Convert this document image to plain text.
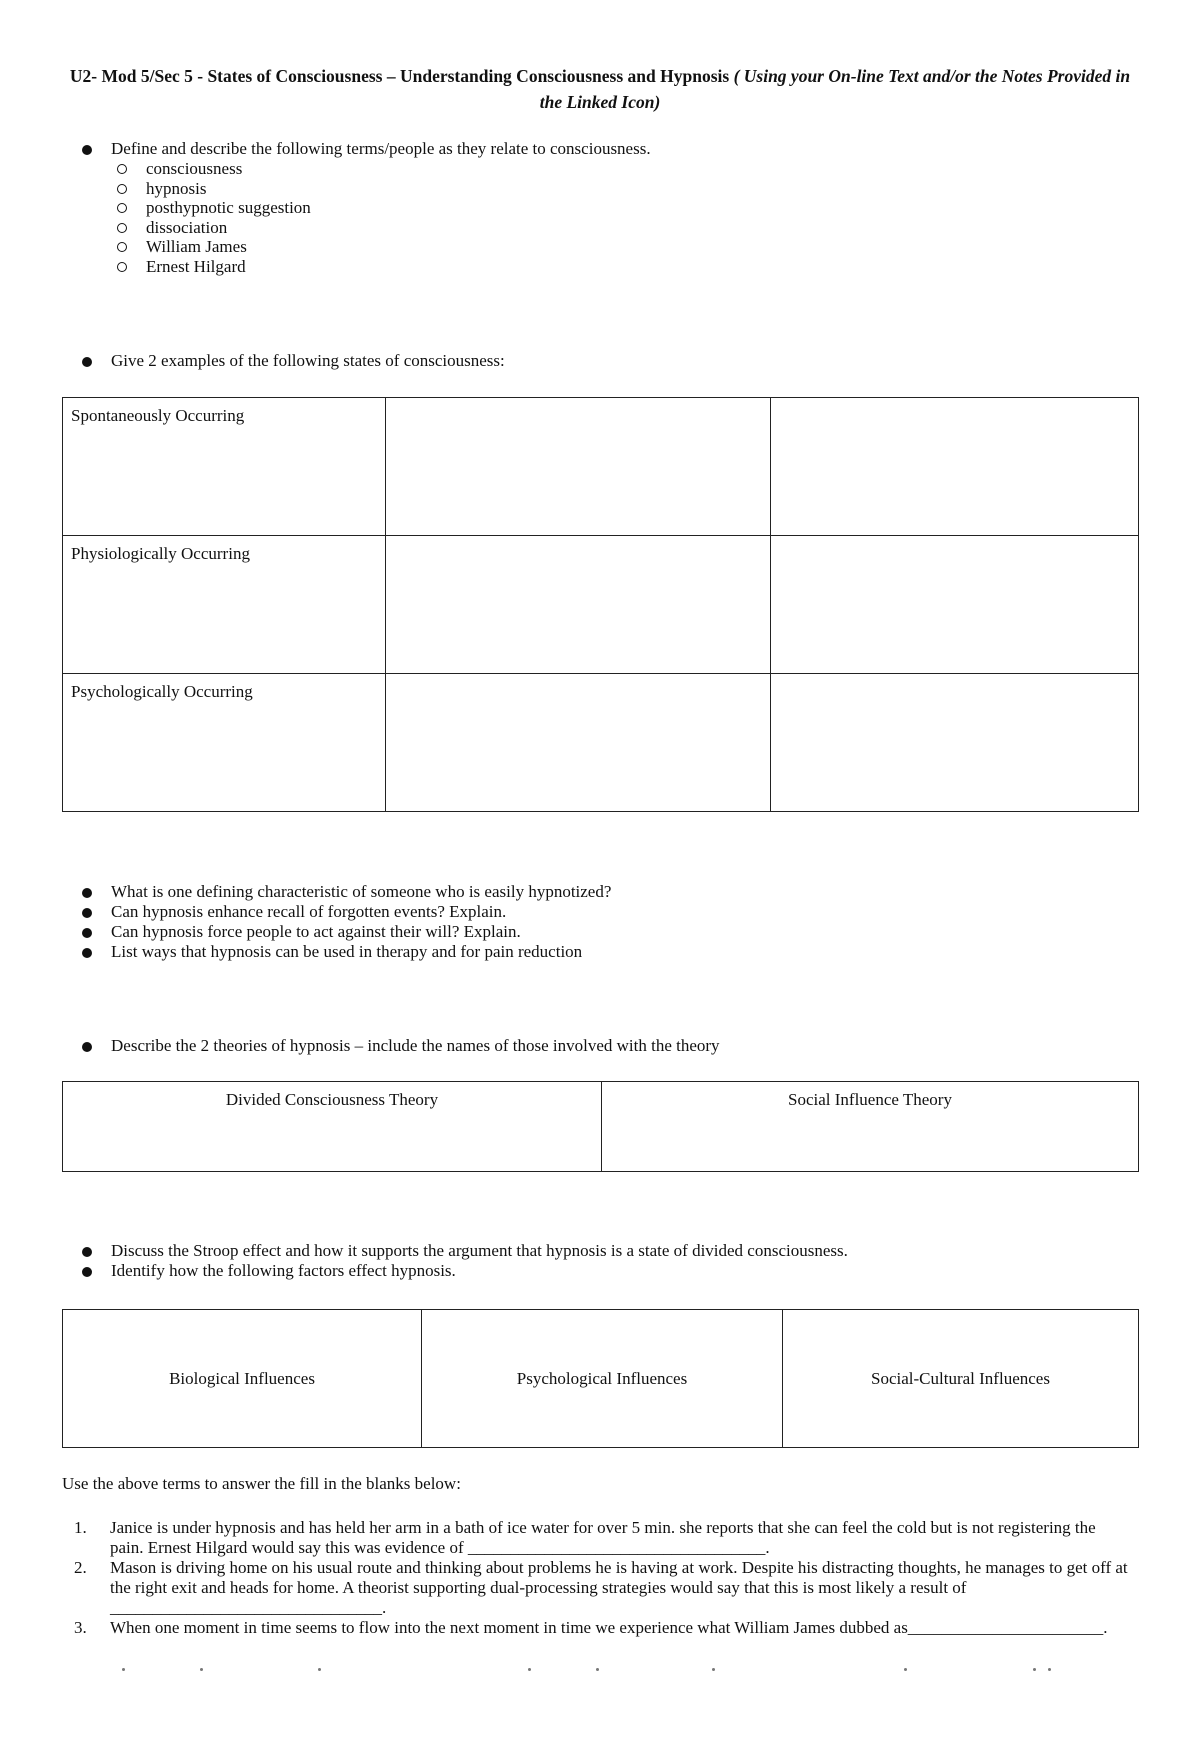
U2- Mod 5/Sec 5 - States of Consciousness – Understanding Consciousness and Hypnosis ( Using your On-line Text and/or the Notes Provided in the Linked Icon)
Define and describe the following terms/people as they relate to consciousness.
consciousness
hypnosis
posthypnotic suggestion
dissociation
William James
Ernest Hilgard
Give 2 examples of the following states of consciousness:
Spontaneously Occurring		
Physiologically Occurring		
Psychologically Occurring		
What is one defining characteristic of someone who is easily hypnotized?
Can hypnosis enhance recall of forgotten events? Explain.
Can hypnosis force people to act against their will? Explain.
List ways that hypnosis can be used in therapy and for pain reduction
Describe the 2 theories of hypnosis – include the names of those involved with the theory
Divided Consciousness Theory	Social Influence Theory
Discuss the Stroop effect and how it supports the argument that hypnosis is a state of divided consciousness.
Identify how the following factors effect hypnosis.
Biological Influences	Psychological Influences	Social-Cultural Influences
Use the above terms to answer the fill in the blanks below:
1. Janice is under hypnosis and has held her arm in a bath of ice water for over 5 min. she reports that she can feel the cold but is not registering the pain. Ernest Hilgard would say this was evidence of ___________________________________.
2. Mason is driving home on his usual route and thinking about problems he is having at work. Despite his distracting thoughts, he manages to get off at the right exit and heads for home. A theorist supporting dual-processing strategies would say that this is most likely a result of ________________________________.
3. When one moment in time seems to flow into the next moment in time we experience what William James dubbed as_______________________.
